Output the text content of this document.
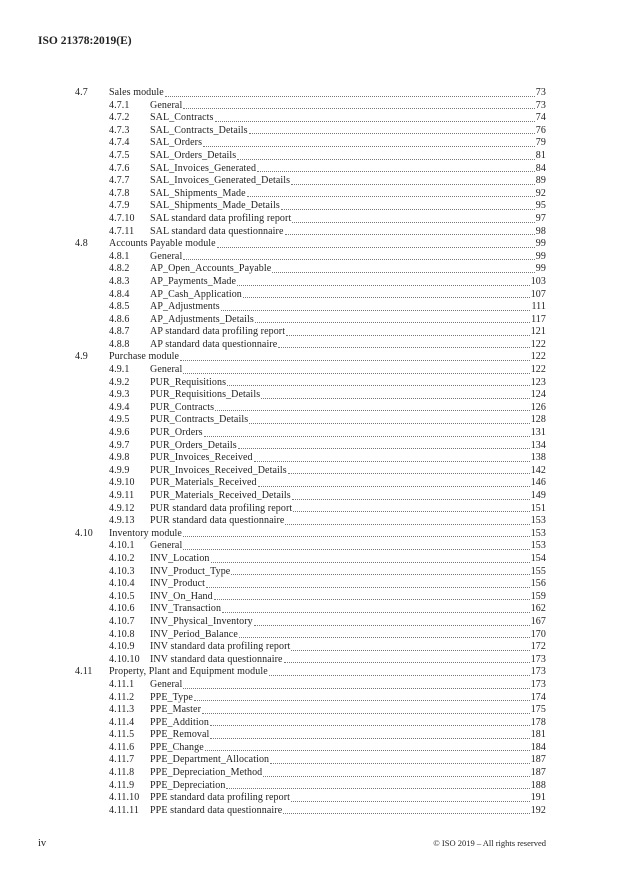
ISO 21378:2019(E)
4.7 Sales module	73
4.7.1 General	73
4.7.2 SAL_Contracts	74
4.7.3 SAL_Contracts_Details	76
4.7.4 SAL_Orders	79
4.7.5 SAL_Orders_Details	81
4.7.6 SAL_Invoices_Generated	84
4.7.7 SAL_Invoices_Generated_Details	89
4.7.8 SAL_Shipments_Made	92
4.7.9 SAL_Shipments_Made_Details	95
4.7.10 SAL standard data profiling report	97
4.7.11 SAL standard data questionnaire	98
4.8 Accounts Payable module	99
4.8.1 General	99
4.8.2 AP_Open_Accounts_Payable	99
4.8.3 AP_Payments_Made	103
4.8.4 AP_Cash_Application	107
4.8.5 AP_Adjustments	111
4.8.6 AP_Adjustments_Details	117
4.8.7 AP standard data profiling report	121
4.8.8 AP standard data questionnaire	122
4.9 Purchase module	122
4.9.1 General	122
4.9.2 PUR_Requisitions	123
4.9.3 PUR_Requisitions_Details	124
4.9.4 PUR_Contracts	126
4.9.5 PUR_Contracts_Details	128
4.9.6 PUR_Orders	131
4.9.7 PUR_Orders_Details	134
4.9.8 PUR_Invoices_Received	138
4.9.9 PUR_Invoices_Received_Details	142
4.9.10 PUR_Materials_Received	146
4.9.11 PUR_Materials_Received_Details	149
4.9.12 PUR standard data profiling report	151
4.9.13 PUR standard data questionnaire	153
4.10 Inventory module	153
4.10.1 General	153
4.10.2 INV_Location	154
4.10.3 INV_Product_Type	155
4.10.4 INV_Product	156
4.10.5 INV_On_Hand	159
4.10.6 INV_Transaction	162
4.10.7 INV_Physical_Inventory	167
4.10.8 INV_Period_Balance	170
4.10.9 INV standard data profiling report	172
4.10.10 INV standard data questionnaire	173
4.11 Property, Plant and Equipment module	173
4.11.1 General	173
4.11.2 PPE_Type	174
4.11.3 PPE_Master	175
4.11.4 PPE_Addition	178
4.11.5 PPE_Removal	181
4.11.6 PPE_Change	184
4.11.7 PPE_Department_Allocation	187
4.11.8 PPE_Depreciation_Method	187
4.11.9 PPE_Depreciation	188
4.11.10 PPE standard data profiling report	191
4.11.11 PPE standard data questionnaire	192
iv	© ISO 2019 – All rights reserved
